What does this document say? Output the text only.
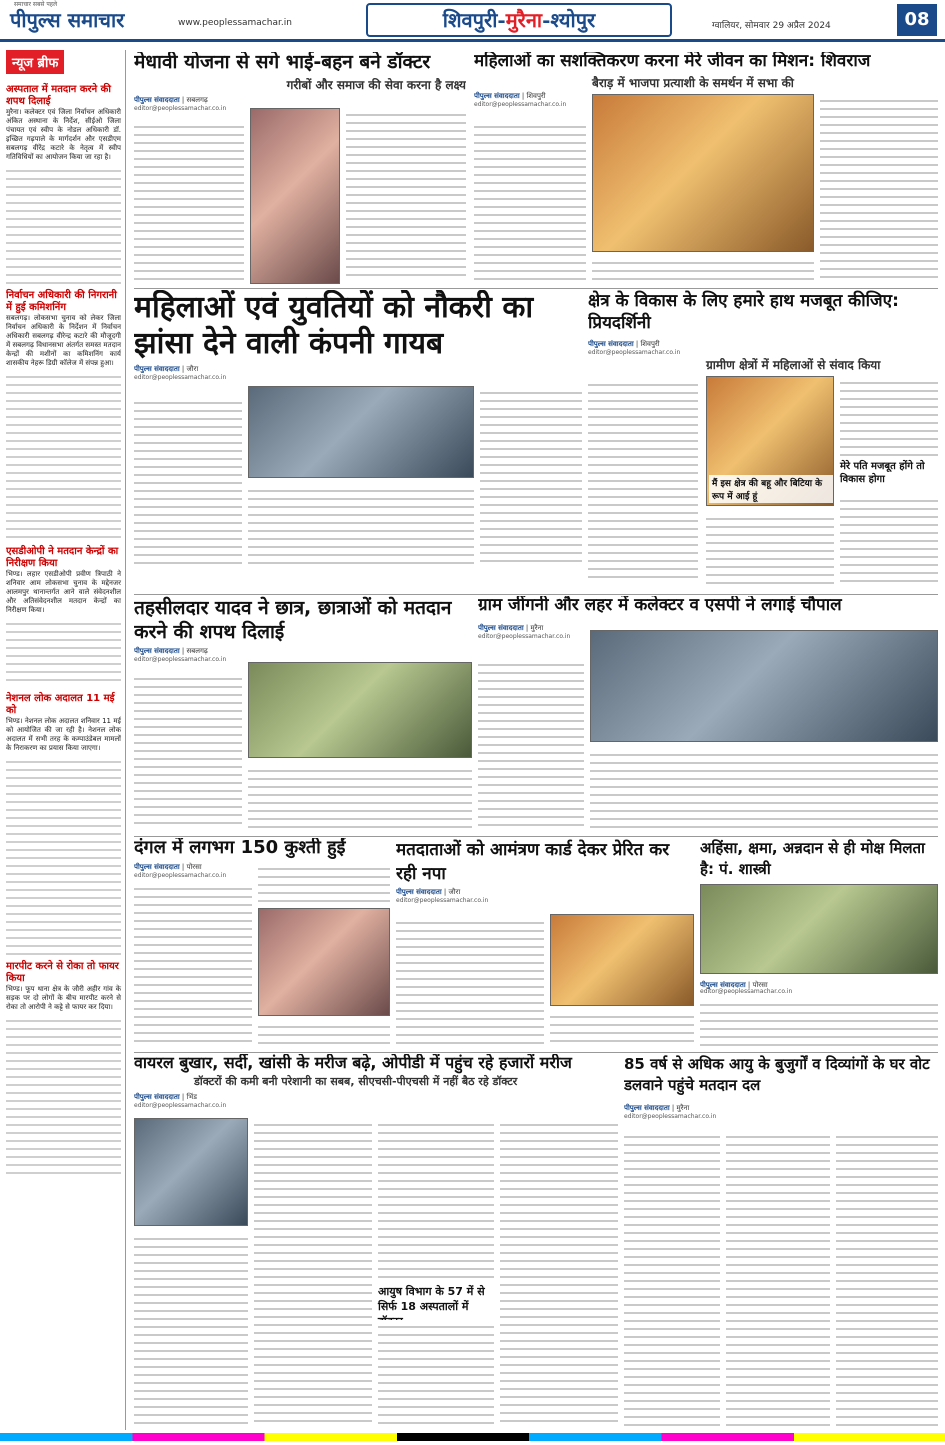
समाचार सबसे पहले
पीपुल्स समाचार	www.peoplessamachar.in	शिवपुरी-मुरैना-श्योपुर	ग्वालियर, सोमवार 29 अप्रैल 2024	08
न्यूज ब्रीफ
अस्पताल में मतदान करने की शपथ दिलाई
मुरैना। कलेक्टर एवं जिला निर्वाचन अधिकारी अंकित अस्थाना के निर्देश, सीईओ जिला पंचायत एवं स्वीप के नोडल अधिकारी डॉ. इच्छित गढ़पाले के मार्गदर्शन और एसडीएम सबलगढ़ वीरेंद्र कटारे के नेतृत्व में स्वीप गतिविधियों का आयोजन किया जा रहा है।
निर्वाचन अधिकारी की निगरानी में हुई कमिशनिंग
सबलगढ़। लोकसभा चुनाव को लेकर जिला निर्वाचन अधिकारी के निर्देशन में निर्वाचन अधिकारी सबलगढ़ वीरेन्द्र कटारे की मौजूदगी में सबलगढ़ विधानसभा अंतर्गत समस्त मतदान केन्द्रों की मशीनों का कमिशनिंग कार्य शासकीय नेहरू डिग्री कॉलेज में संपन्न हुआ।
एसडीओपी ने मतदान केन्द्रों का निरीक्षण किया
भिण्ड। लहार एसडीओपी प्रवीण त्रिपाठी ने शनिवार आम लोकसभा चुनाव के मद्देनजर आलमपुर थानान्तर्गत आने वाले संवेदनशील और अतिसंवेदनशील मतदान केन्द्रों का निरीक्षण किया।
नेशनल लोक अदालत 11 मई को
भिण्ड। नेशनल लोक अदालत शनिवार 11 मई को आयोजित की जा रही है। नेशनल लोक अदालत में सभी तरह के कम्पाउंडेबल मामलों के निराकरण का प्रयास किया जाएगा।
मारपीट करने से रोका तो फायर किया
भिण्ड। फूप थाना क्षेत्र के जौरी अहीर गांव के सड़क पर दो लोगों के बीच मारपीट करने से रोका तो आरोपी ने कट्टे से फायर कर दिया।
मेधावी योजना से सगे भाई-बहन बने डॉक्टर
गरीबों और समाज की सेवा करना है लक्ष्य
पीपुल्स संवाददाता | सबलगढ़
editor@peoplessamachar.co.in
महिलाओं का सशक्तिकरण करना मेरे जीवन का मिशन: शिवराज
बैराड़ में भाजपा प्रत्याशी के समर्थन में सभा की
पीपुल्स संवाददाता | शिवपुरी
editor@peoplessamachar.co.in
महिलाओं एवं युवतियों को नौकरी का झांसा देने वाली कंपनी गायब
पीपुल्स संवाददाता | जौरा
editor@peoplessamachar.co.in
क्षेत्र के विकास के लिए हमारे हाथ मजबूत कीजिए: प्रियदर्शिनी
पीपुल्स संवाददाता | शिवपुरी
editor@peoplessamachar.co.in
ग्रामीण क्षेत्रों में महिलाओं से संवाद किया
मैं इस क्षेत्र की बहू और बिटिया के रूप में आई हूं
मेरे पति मजबूत होंगे तो विकास होगा
तहसीलदार यादव ने छात्र, छात्राओं को मतदान करने की शपथ दिलाई
पीपुल्स संवाददाता | सबलगढ़
editor@peoplessamachar.co.in
ग्राम जींगनी और लहर में कलेक्टर व एसपी ने लगाई चौपाल
पीपुल्स संवाददाता | मुरैना
editor@peoplessamachar.co.in
दंगल में लगभग 150 कुश्ती हुईं
पीपुल्स संवाददाता | पोरसा
editor@peoplessamachar.co.in
मतदाताओं को आमंत्रण कार्ड देकर प्रेरित कर रही नपा
पीपुल्स संवाददाता | जौरा
editor@peoplessamachar.co.in
अहिंसा, क्षमा, अन्नदान से ही मोक्ष मिलता है: पं. शास्त्री
पीपुल्स संवाददाता | पोरसा
editor@peoplessamachar.co.in
वायरल बुखार, सर्दी, खांसी के मरीज बढ़े, ओपीडी में पहुंच रहे हजारों मरीज
डॉक्टरों की कमी बनी परेशानी का सबब, सीएचसी-पीएचसी में नहीं बैठ रहे डॉक्टर
पीपुल्स संवाददाता | भिंड
editor@peoplessamachar.co.in
आयुष विभाग के 57 में से सिर्फ 18 अस्पतालों में
85 वर्ष से अधिक आयु के बुजुर्गों व दिव्यांगों के घर वोट डलवाने पहुंचे मतदान दल
पीपुल्स संवाददाता | मुरैना
editor@peoplessamachar.co.in
